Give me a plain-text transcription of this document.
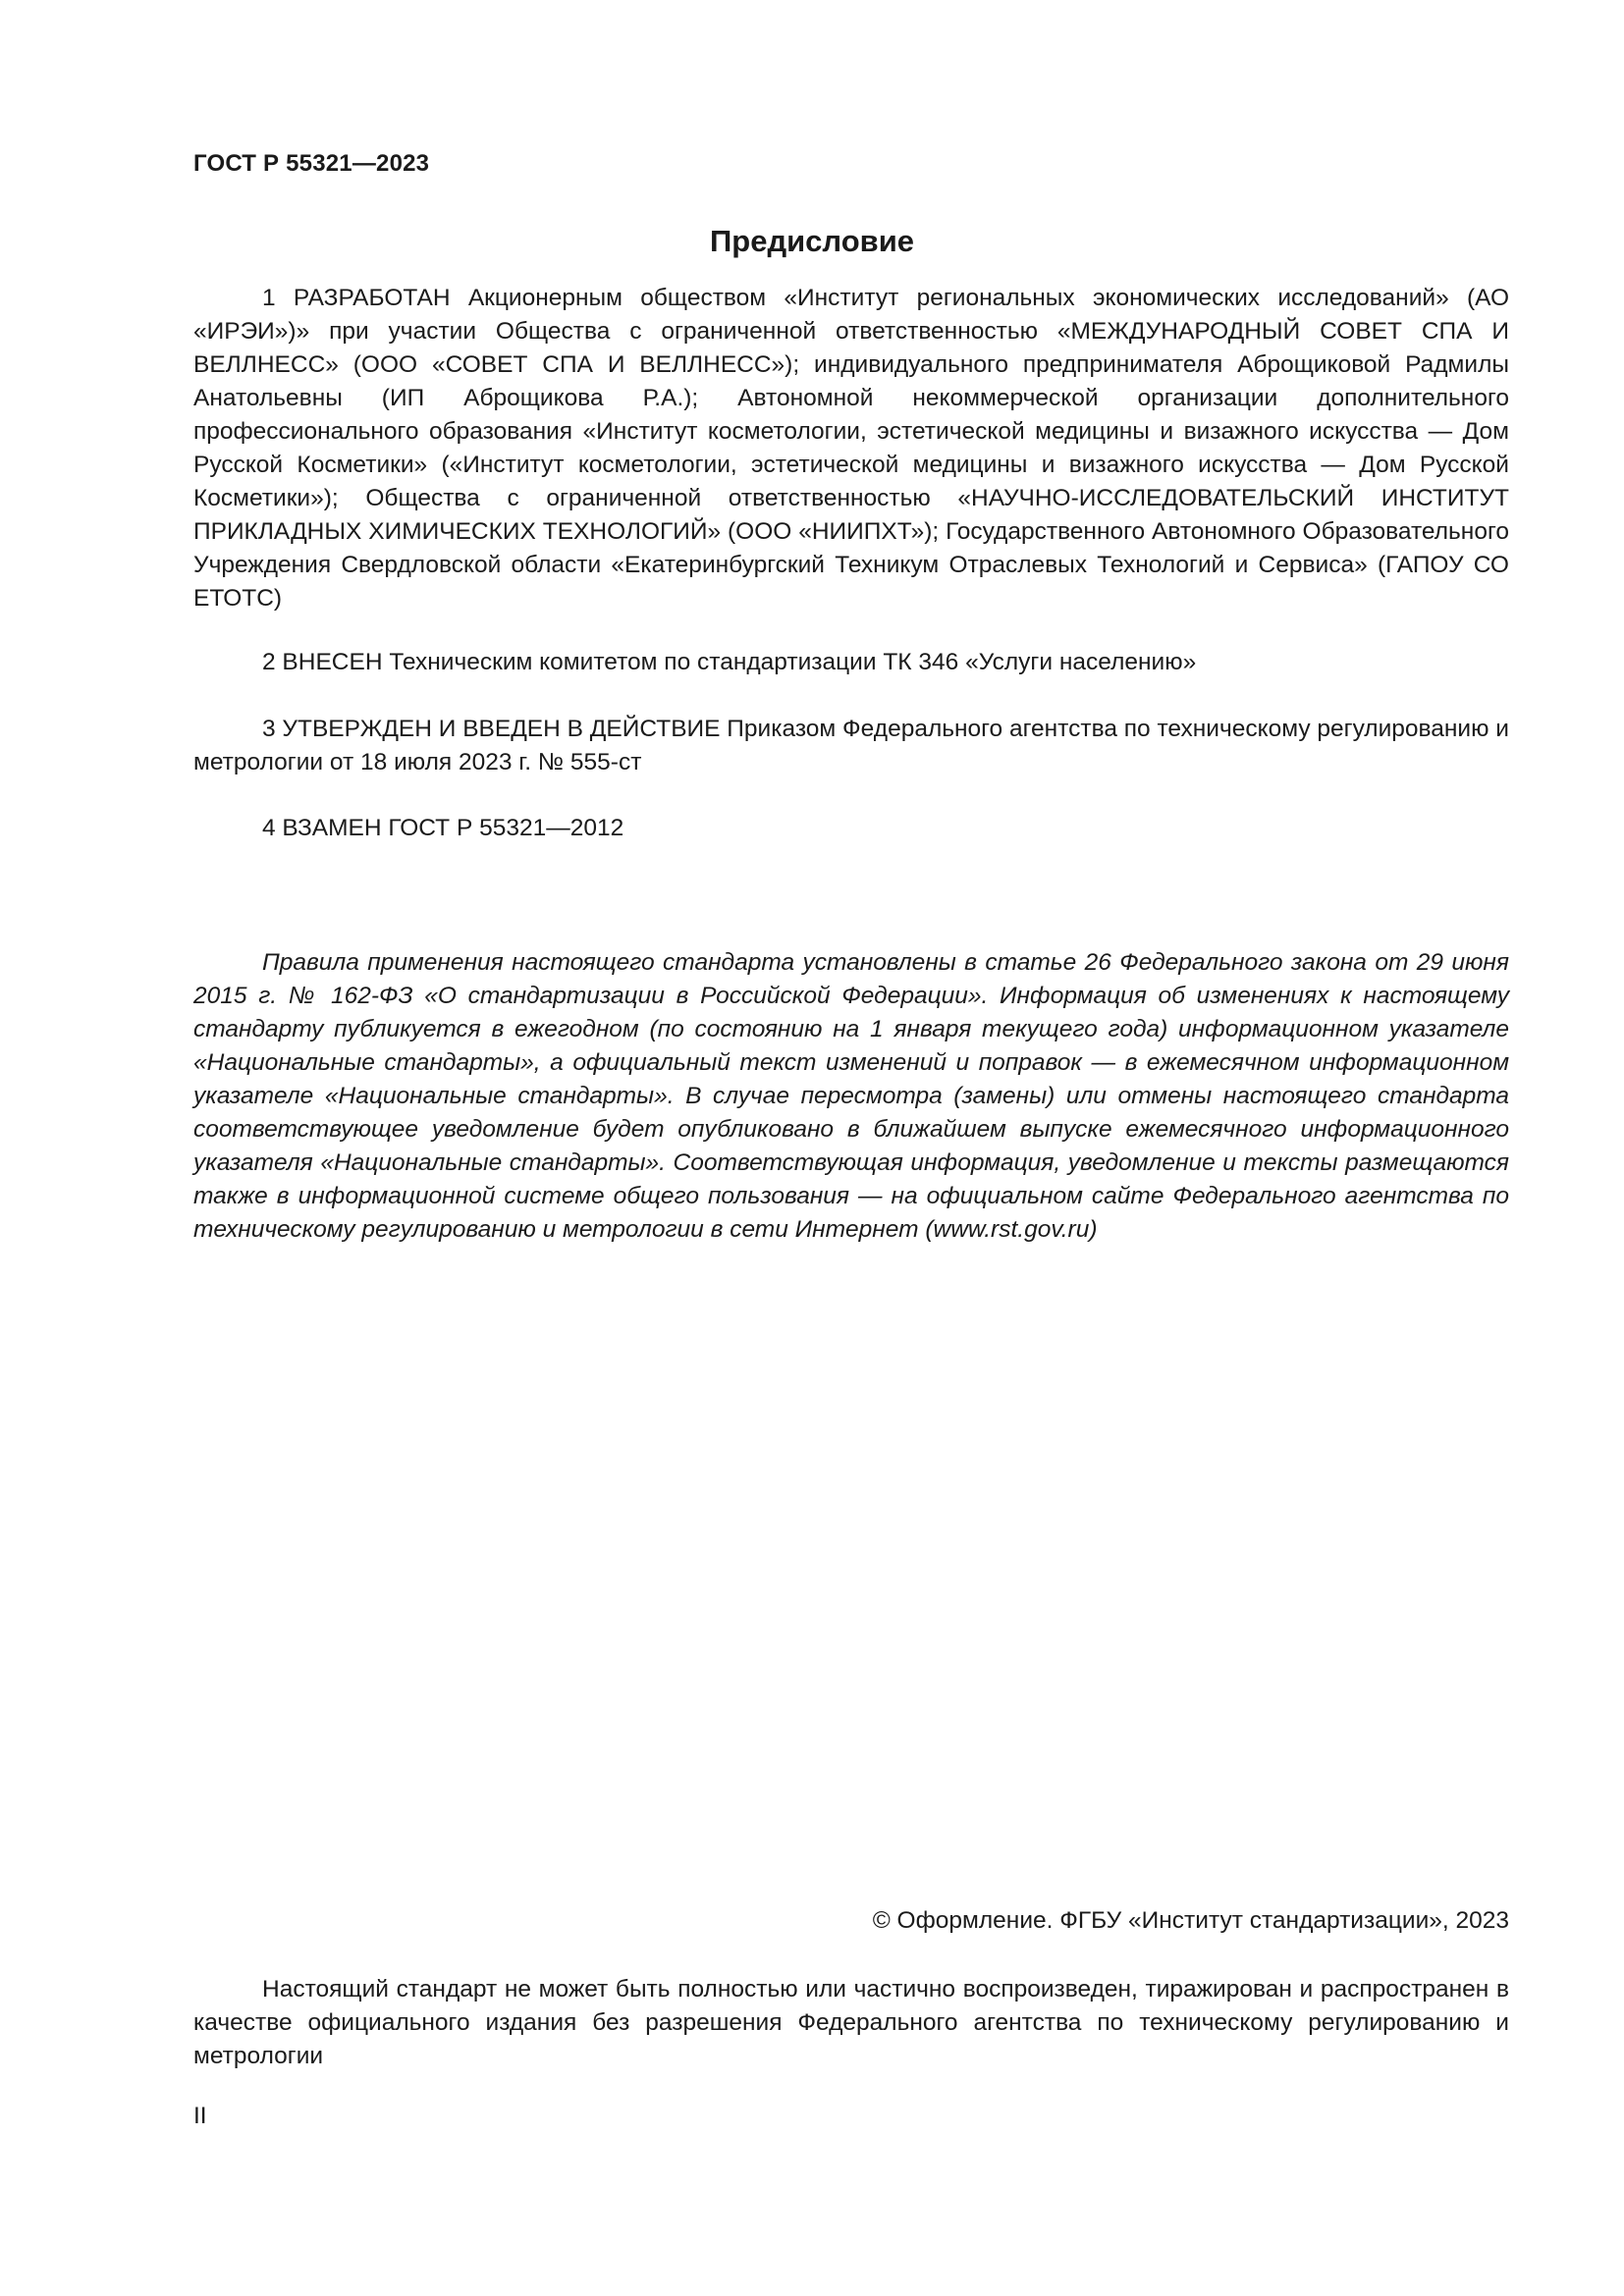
ГОСТ Р 55321—2023
Предисловие

1 РАЗРАБОТАН Акционерным обществом «Институт региональных экономических исследований» (АО «ИРЭИ»)» при участии Общества с ограниченной ответственностью «МЕЖДУНАРОДНЫЙ СОВЕТ СПА И ВЕЛЛНЕСС» (ООО «СОВЕТ СПА И ВЕЛЛНЕСС»); индивидуального предпринимателя Аброщиковой Радмилы Анатольевны (ИП Аброщикова Р.А.); Автономной некоммерческой организации дополнительного профессионального образования «Институт косметологии, эстетической медицины и визажного искусства — Дом Русской Косметики» («Институт косметологии, эстетической медицины и визажного искусства — Дом Русской Косметики»); Общества с ограниченной ответственностью «НАУЧНО-ИССЛЕДОВАТЕЛЬСКИЙ ИНСТИТУТ ПРИКЛАДНЫХ ХИМИЧЕСКИХ ТЕХНОЛОГИЙ» (ООО «НИИПХТ»); Государственного Автономного Образовательного Учреждения Свердловской области «Екатеринбургский Техникум Отраслевых Технологий и Сервиса» (ГАПОУ СО ЕТОТС)

2 ВНЕСЕН Техническим комитетом по стандартизации ТК 346 «Услуги населению»

3 УТВЕРЖДЕН И ВВЕДЕН В ДЕЙСТВИЕ Приказом Федерального агентства по техническому регулированию и метрологии от 18 июля 2023 г. № 555-ст

4 ВЗАМЕН ГОСТ Р 55321—2012

Правила применения настоящего стандарта установлены в статье 26 Федерального закона от 29 июня 2015 г. № 162-ФЗ «О стандартизации в Российской Федерации». Информация об изменениях к настоящему стандарту публикуется в ежегодном (по состоянию на 1 января текущего года) информационном указателе «Национальные стандарты», а официальный текст изменений и поправок — в ежемесячном информационном указателе «Национальные стандарты». В случае пересмотра (замены) или отмены настоящего стандарта соответствующее уведомление будет опубликовано в ближайшем выпуске ежемесячного информационного указателя «Национальные стандарты». Соответствующая информация, уведомление и тексты размещаются также в информационной системе общего пользования — на официальном сайте Федерального агентства по техническому регулированию и метрологии в сети Интернет (www.rst.gov.ru)

© Оформление. ФГБУ «Институт стандартизации», 2023

Настоящий стандарт не может быть полностью или частично воспроизведен, тиражирован и распространен в качестве официального издания без разрешения Федерального агентства по техническому регулированию и метрологии

II
